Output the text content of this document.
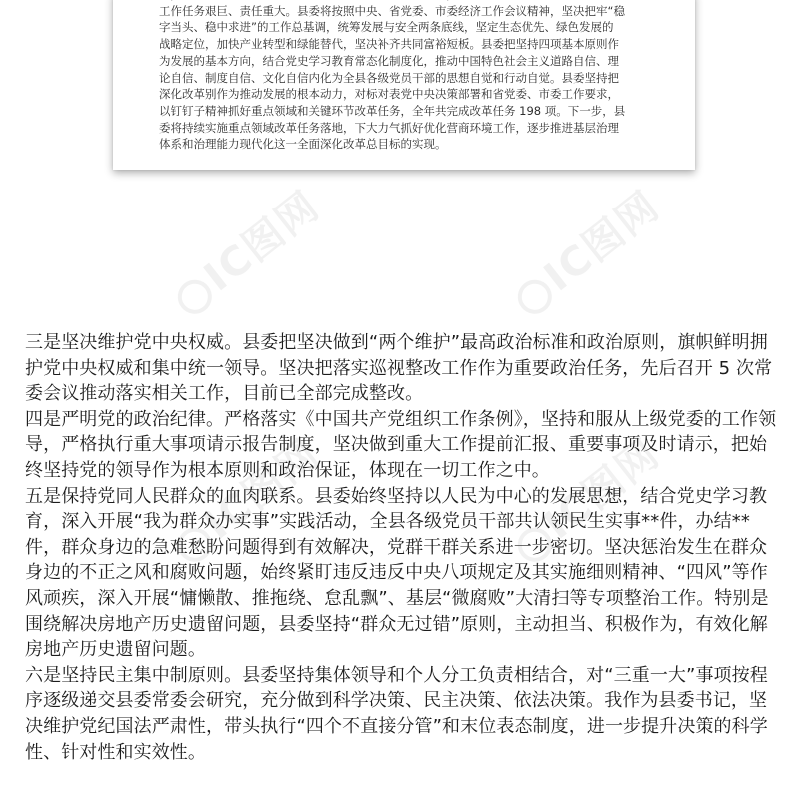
工作任务艰巨、责任重大。县委将按照中央、省党委、市委经济工作会议精神，坚决把牢“稳

字当头、稳中求进”的工作总基调，统筹发展与安全两条底线，坚定生态优先、绿色发展的

战略定位，加快产业转型和绿能替代，坚决补齐共同富裕短板。县委把坚持四项基本原则作

为发展的基本方向，结合党史学习教育常态化制度化，推动中国特色社会主义道路自信、理

论自信、制度自信、文化自信内化为全县各级党员干部的思想自觉和行动自觉。县委坚持把

深化改革别作为推动发展的根本动力，对标对表党中央决策部署和省党委、市委工作要求，

以钉钉子精神抓好重点领域和关键环节改革任务，全年共完成改革任务 198 项。下一步，县

委将持续实施重点领域改革任务落地，下大力气抓好优化营商环境工作，逐步推进基层治理

体系和治理能力现代化这一全面深化改革总目标的实现。

IC图网	IC图网
IC图网	IC图网

三是坚决维护党中央权威。县委把坚决做到“两个维护”最高政治标准和政治原则，旗帜鲜明拥护党中央权威和集中统一领导。坚决把落实巡视整改工作作为重要政治任务，先后召开 5 次常委会议推动落实相关工作，目前已全部完成整改。

四是严明党的政治纪律。严格落实《中国共产党组织工作条例》，坚持和服从上级党委的工作领导，严格执行重大事项请示报告制度，坚决做到重大工作提前汇报、重要事项及时请示，把始终坚持党的领导作为根本原则和政治保证，体现在一切工作之中。

五是保持党同人民群众的血肉联系。县委始终坚持以人民为中心的发展思想，结合党史学习教育，深入开展“我为群众办实事”实践活动，全县各级党员干部共认领民生实事**件，办结**件，群众身边的急难愁盼问题得到有效解决，党群干群关系进一步密切。坚决惩治发生在群众身边的不正之风和腐败问题，始终紧盯违反违反中央八项规定及其实施细则精神、“四风”等作风顽疾，深入开展“慵懒散、推拖绕、怠乱飘”、基层“微腐败”大清扫等专项整治工作。特别是围绕解决房地产历史遗留问题，县委坚持“群众无过错”原则，主动担当、积极作为，有效化解房地产历史遗留问题。

六是坚持民主集中制原则。县委坚持集体领导和个人分工负责相结合，对“三重一大”事项按程序逐级递交县委常委会研究，充分做到科学决策、民主决策、依法决策。我作为县委书记，坚决维护党纪国法严肃性，带头执行“四个不直接分管”和末位表态制度，进一步提升决策的科学性、针对性和实效性。
